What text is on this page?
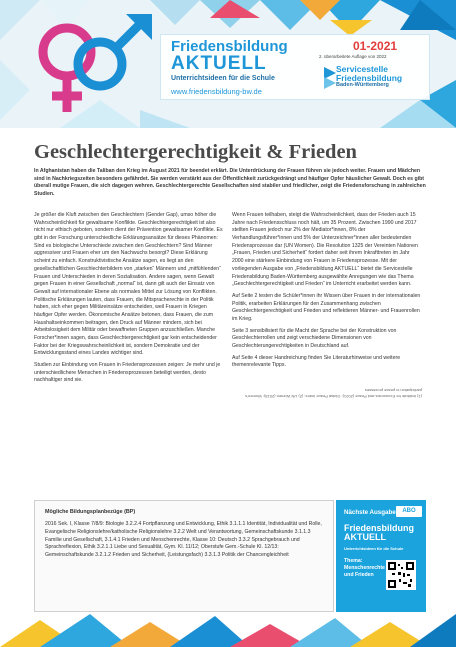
Friedensbildung
AKTUELL
Unterrichtsideen für die Schule
www.friedensbildung-bw.de
01-2021
2. überarbeitete Auflage von 2022
Servicestelle
Friedensbildung
Baden-Württemberg
Geschlechtergerechtigkeit & Frieden
In Afghanistan haben die Taliban den Krieg im August 2021 für beendet erklärt. Die Unterdrückung der Frauen führen sie jedoch weiter. Frauen und Mädchen sind in Nachkriegszeiten besonders gefährdet. Sie werden verstärkt aus der Öffentlichkeit zurückgedrängt und häufiger Opfer häuslicher Gewalt. Doch es gibt überall mutige Frauen, die sich dagegen wehren. Geschlechtergerechte Gesellschaften sind stabiler und friedlicher, zeigt die Friedensforschung in zahlreichen Studien.

Je größer die Kluft zwischen den Geschlechtern (Gender Gap), umso höher die Wahrscheinlichkeit für gewaltsame Konflikte. Geschlechtergerechtigkeit ist also nicht nur ethisch geboten, sondern dient der Prävention gewaltsamer Konflikte. Es gibt in der Forschung unterschiedliche Erklärungsansätze für dieses Phänomen: Sind es biologische Unterschiede zwischen den Geschlechtern? Sind Männer aggressiver und Frauen eher um den Nachwuchs besorgt? Diese Erklärung scheint zu einfach. Konstruktivistische Ansätze sagen, es liegt an den gesellschaftlichen Geschlechterbildern von „starken“ Männern und „mitfühlenden“ Frauen und Unterschieden in deren Sozialisation. Andere sagen, wenn Gewalt gegen Frauen in einer Gesellschaft „normal“ ist, dann gilt auch der Einsatz von Gewalt auf internationaler Ebene als normales Mittel zur Lösung von Konflikten. Politische Erklärungen lauten, dass Frauen, die Mitspracherechte in der Politik haben, sich eher gegen Militäreinsätze entscheiden, weil Frauen in Kriegen häufiger Opfer werden. Ökonomische Ansätze betonen, dass Frauen, die zum Haushaltseinkommen beitragen, den Druck auf Männer mindern, sich bei Arbeitslosigkeit dem Militär oder bewaffneten Gruppen anzuschließen. Manche Forscher*innen sagen, dass Geschlechtergerechtigkeit gar kein entscheidender Faktor bei der Kriegswahrscheinlichkeit ist, sondern Demokratie und der Entwicklungsstand eines Landes wichtiger sind.

Studien zur Einbindung von Frauen in Friedensprozessen zeigen: Je mehr und je unterschiedlichere Menschen in Friedensprozessen beteiligt werden, desto nachhaltiger sind sie.

Wenn Frauen teilhaben, steigt die Wahrscheinlichkeit, dass der Frieden auch 15 Jahre nach Friedensschluss noch hält, um 35 Prozent. Zwischen 1990 und 2017 stellten Frauen jedoch nur 2% der Mediator*innen, 8% der Verhandlungsführer*innen und 5% der Unterzeichner*innen aller bedeutenden Friedensprozesse dar (UN Women). Die Resolution 1325 der Vereinten Nationen „Frauen, Frieden und Sicherheit“ fordert daher seit ihrem Inkrafttreten im Jahr 2000 eine stärkere Einbindung von Frauen in Friedensprozesse. Mit der vorliegenden Ausgabe von „Friedensbildung AKTUELL“ bietet die Servicestelle Friedensbildung Baden-Württemberg ausgewählte Anregungen wie das Thema „Geschlechtergerechtigkeit und Frieden“ im Unterricht erarbeitet werden kann.

Auf Seite 2 testen die Schüler*innen ihr Wissen über Frauen in der internationalen Politik, erarbeiten Erklärungen für den Zusammenhang zwischen Geschlechtergerechtigkeit und Frieden und reflektieren Männer- und Frauenrollen im Krieg.

Seite 3 sensibilisiert für die Macht der Sprache bei der Konstruktion von Geschlechterrollen und zeigt verschiedene Dimensionen von Geschlechterungerechtigkeiten in Deutschland auf.

Auf Seite 4 dieser Handreichung finden Sie Literaturhinweise und weitere themenrelevante Tipps.

(1) Institute for Economics and Peace (2021): Global Peace Index; (2) UN Women (2018): Women's participation in peace processes
Mögliche Bildungsplanbezüge (BP)
2016 Sek. I, Klasse 7/8/9: Biologie 3.2.2.4 Fortpflanzung und Entwicklung, Ethik 3.1.1.1 Identität, Individualität und Rolle, Evangelische Religionslehre/katholische Religionslehre 3.2.2 Welt und Verantwortung, Gemeinschaftskunde 3.1.1.3 Familie und Gesellschaft, 3.1.4.1 Frieden und Menschenrechte, Klasse 10: Deutsch 3.3.2 Sprachgebrauch und Sprachreflexion, Ethik 3.2.1.1 Liebe und Sexualität, Gym. Kl. 11/12; Oberstufe Gem.-Schule Kl. 12/13: Gemeinschaftskunde 3.2.1.2 Frieden und Sicherheit, (Leistungsfach) 3.3.1.3 Politik der Chancengleichheit
Nächste Ausgabe	ABO
Friedensbildung
AKTUELL
Unterrichtsideen für die Schule
Thema:
Menschenrechte
und Frieden
